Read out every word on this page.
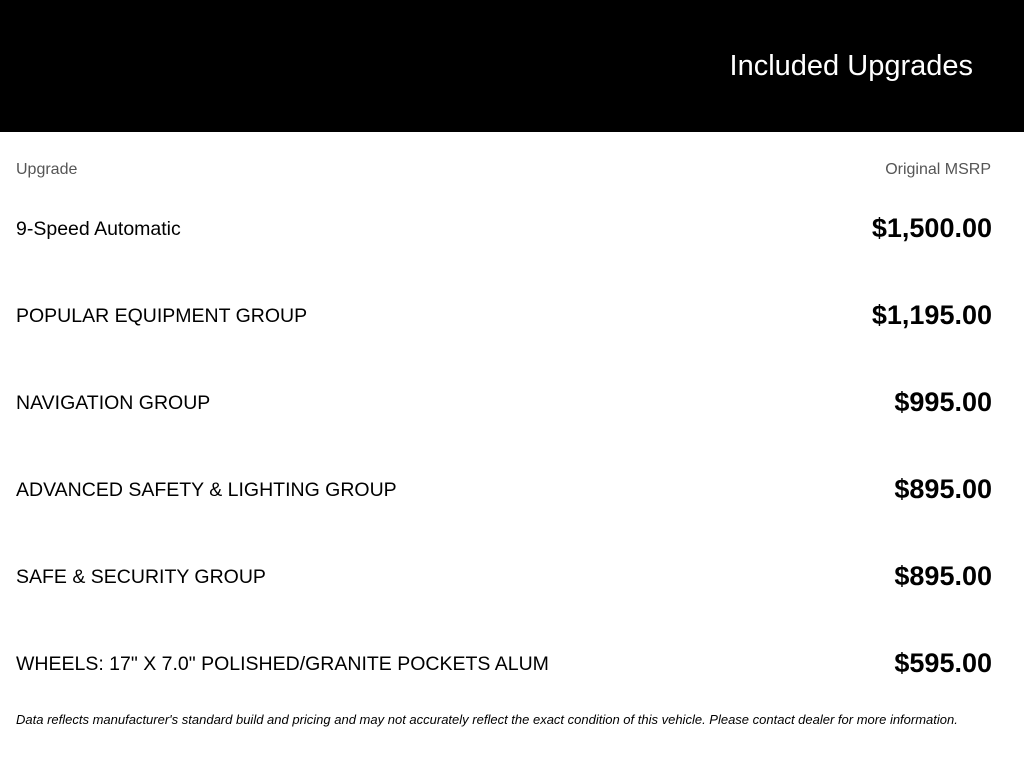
Included Upgrades
Upgrade	Original MSRP
9-Speed Automatic	$1,500.00
POPULAR EQUIPMENT GROUP	$1,195.00
NAVIGATION GROUP	$995.00
ADVANCED SAFETY & LIGHTING GROUP	$895.00
SAFE & SECURITY GROUP	$895.00
WHEELS: 17" X 7.0" POLISHED/GRANITE POCKETS ALUM	$595.00
Data reflects manufacturer's standard build and pricing and may not accurately reflect the exact condition of this vehicle. Please contact dealer for more information.
